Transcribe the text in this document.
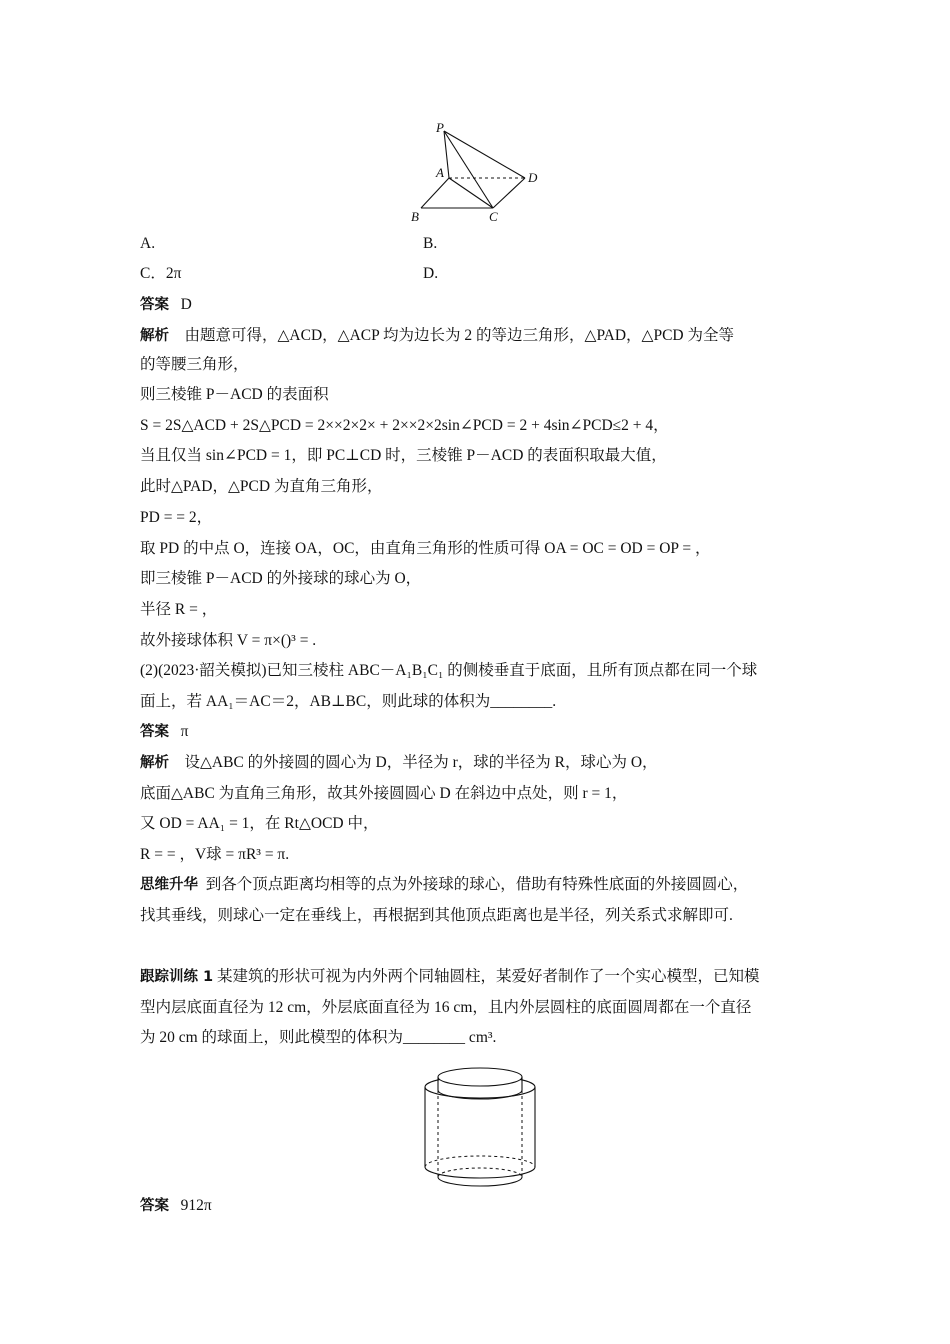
P
A
B	C
D
A.	B.
C．2π	D.
答案 D
解析 由题意可得，△ACD，△ACP 均为边长为 2 的等边三角形，△PAD，△PCD 为全等
的等腰三角形，
则三棱锥 P－ACD 的表面积
S = 2S△ACD + 2S△PCD = 2××2×2× + 2××2×2sin∠PCD = 2 + 4sin∠PCD≤2 + 4，
当且仅当 sin∠PCD = 1，即 PC⊥CD 时，三棱锥 P－ACD 的表面积取最大值，
此时△PAD，△PCD 为直角三角形，
PD = = 2，
取 PD 的中点 O，连接 OA，OC，由直角三角形的性质可得 OA = OC = OD = OP = ，
即三棱锥 P－ACD 的外接球的球心为 O，
半径 R = ，
故外接球体积 V = π×()³ = .
(2)(2023·韶关模拟)已知三棱柱 ABC－A₁B₁C₁ 的侧棱垂直于底面，且所有顶点都在同一个球
面上，若 AA₁＝AC＝2，AB⊥BC，则此球的体积为________.
答案 π
解析 设△ABC 的外接圆的圆心为 D，半径为 r，球的半径为 R，球心为 O，
底面△ABC 为直角三角形，故其外接圆圆心 D 在斜边中点处，则 r = 1，
又 OD = AA₁ = 1，在 Rt△OCD 中，
R = = ，V球 = πR³ = π.
思维升华 到各个顶点距离均相等的点为外接球的球心，借助有特殊性底面的外接圆圆心，
找其垂线，则球心一定在垂线上，再根据到其他顶点距离也是半径，列关系式求解即可.
跟踪训练 1 某建筑的形状可视为内外两个同轴圆柱，某爱好者制作了一个实心模型，已知模
型内层底面直径为 12 cm，外层底面直径为 16 cm，且内外层圆柱的底面圆周都在一个直径
为 20 cm 的球面上，则此模型的体积为________ cm³.
答案 912π
